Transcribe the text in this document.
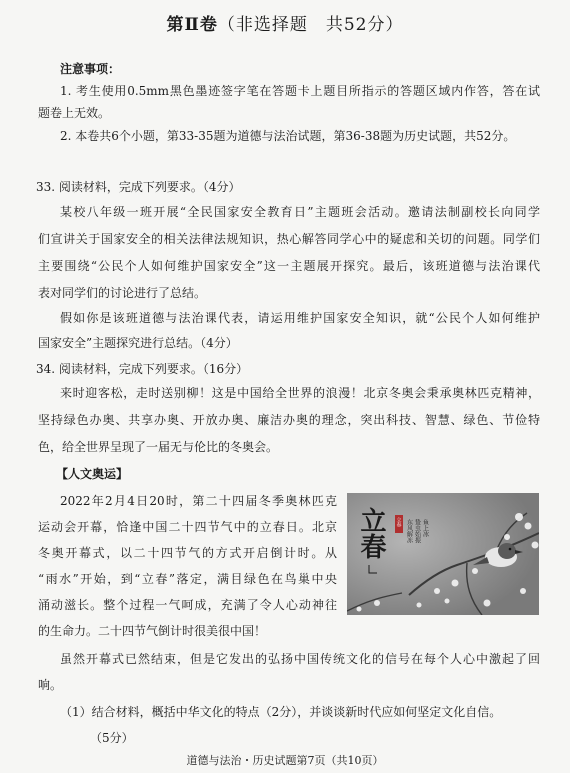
第Ⅱ卷（非选择题　共52分）
注意事项：
1. 考生使用0.5mm黑色墨迹签字笔在答题卡上题目所指示的答题区域内作答，答在试
题卷上无效。
2. 本卷共6个小题，第33-35题为道德与法治试题，第36-38题为历史试题，共52分。
33. 阅读材料，完成下列要求。（4分）
某校八年级一班开展“全民国家安全教育日”主题班会活动。邀请法制副校长向同学
们宣讲关于国家安全的相关法律法规知识，热心解答同学心中的疑虑和关切的问题。同学们
主要围绕“公民个人如何维护国家安全”这一主题展开探究。最后，该班道德与法治课代
表对同学们的讨论进行了总结。
假如你是该班道德与法治课代表，请运用维护国家安全知识，就“公民个人如何维护
国家安全”主题探究进行总结。（4分）
34. 阅读材料，完成下列要求。（16分）
来时迎客松，走时送别柳！这是中国给全世界的浪漫！北京冬奥会秉承奥林匹克精神，
坚持绿色办奥、共享办奥、开放办奥、廉洁办奥的理念，突出科技、智慧、绿色、节俭特
色，给全世界呈现了一届无与伦比的冬奥会。
【人文奥运】
2022年2月4日20时，第二十四届冬季奥林匹克
运动会开幕，恰逢中国二十四节气中的立春日。北京
冬奥开幕式，以二十四节气的方式开启倒计时。从
“雨水”开始，到“立春”落定，满目绿色在鸟巢中央
涌动滋长。整个过程一气呵成，充满了令人心动神往
的生命力。二十四节气倒计时很美很中国！
东风解冻 蛰虫始振 鱼上冰
立春
立春
虽然开幕式已然结束，但是它发出的弘扬中国传统文化的信号在每个人心中激起了回
响。
（1）结合材料，概括中华文化的特点（2分），并谈谈新时代应如何坚定文化自信。
（5分）
道德与法治・历史试题第7页（共10页）
